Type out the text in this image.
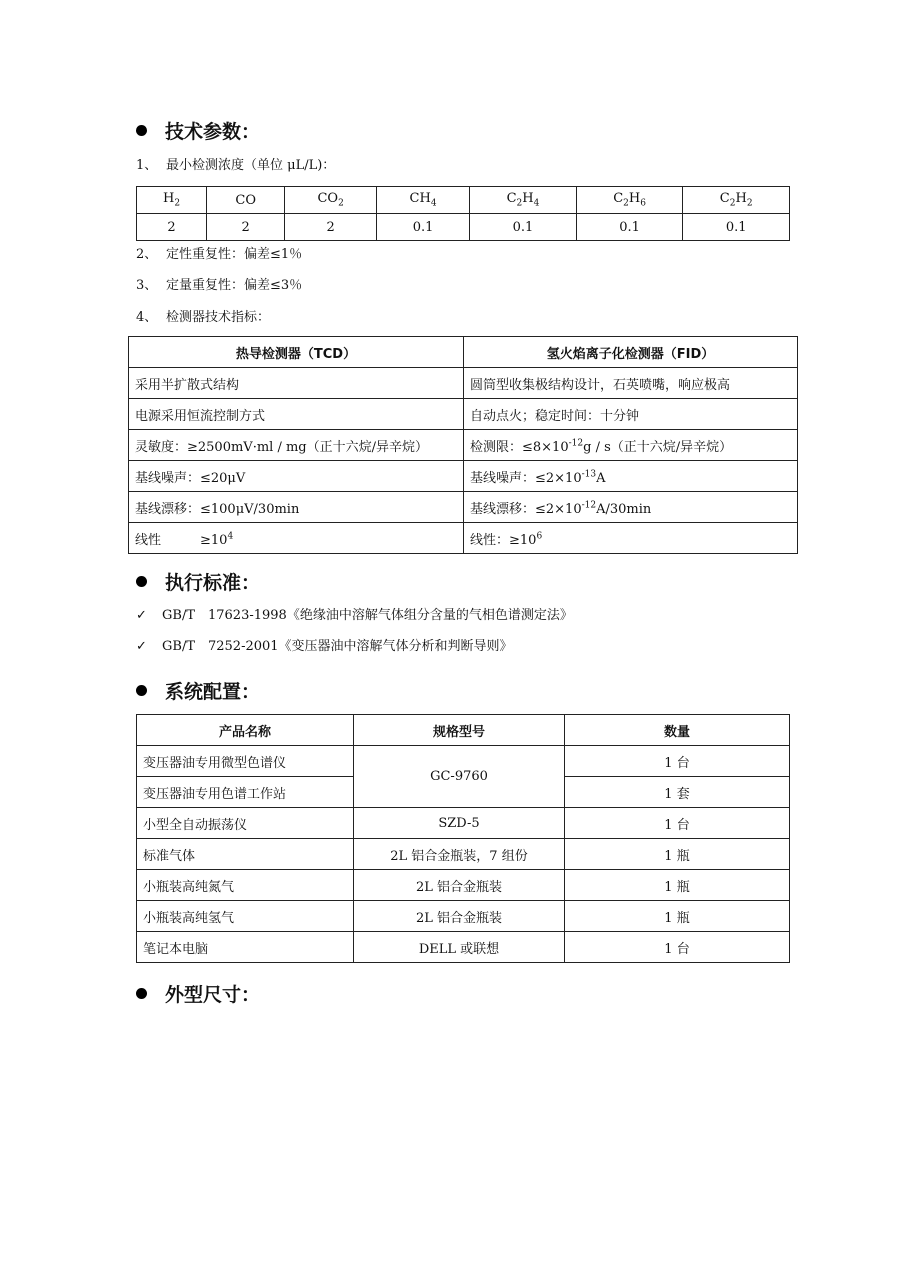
技术参数：
1、 最小检测浓度（单位 μL/L)：
$H_2$	CO	$CO_2$	$CH_4$	$C_2H_4$	$C_2H_6$	$C_2H_2$
2	2	2	0.1	0.1	0.1	0.1
2、 定性重复性：偏差≤1％
3、 定量重复性：偏差≤3％
4、 检测器技术指标：
热导检测器（TCD）	氢火焰离子化检测器（FID）
采用半扩散式结构	圆筒型收集极结构设计，石英喷嘴，响应极高
电源采用恒流控制方式	自动点火；稳定时间：十分钟
灵敏度：≥2500mV·ml / mg（正十六烷/异辛烷）	检测限：$\le 8\times 10^{-12}g / s$（正十六烷/异辛烷）
基线噪声：≤20μV	基线噪声：$\le 2\times 10^{-13}A$
基线漂移：≤100μV/30min	基线漂移：$\le 2\times 10^{-12}A/30\min$
线性　　　$\ge 10^4$	线性：$\ge 10^6$
执行标准：
✓ GB/T　17623-1998《绝缘油中溶解气体组分含量的气相色谱测定法》
✓ GB/T　7252-2001《变压器油中溶解气体分析和判断导则》
系统配置：
产品名称	规格型号	数量
变压器油专用微型色谱仪	GC-9760	1 台
变压器油专用色谱工作站		1 套
小型全自动振荡仪	SZD-5	1 台
标准气体	2L 铝合金瓶装，7 组份	1 瓶
小瓶装高纯氮气	2L 铝合金瓶装	1 瓶
小瓶装高纯氢气	2L 铝合金瓶装	1 瓶
笔记本电脑	DELL 或联想	1 台
外型尺寸：
